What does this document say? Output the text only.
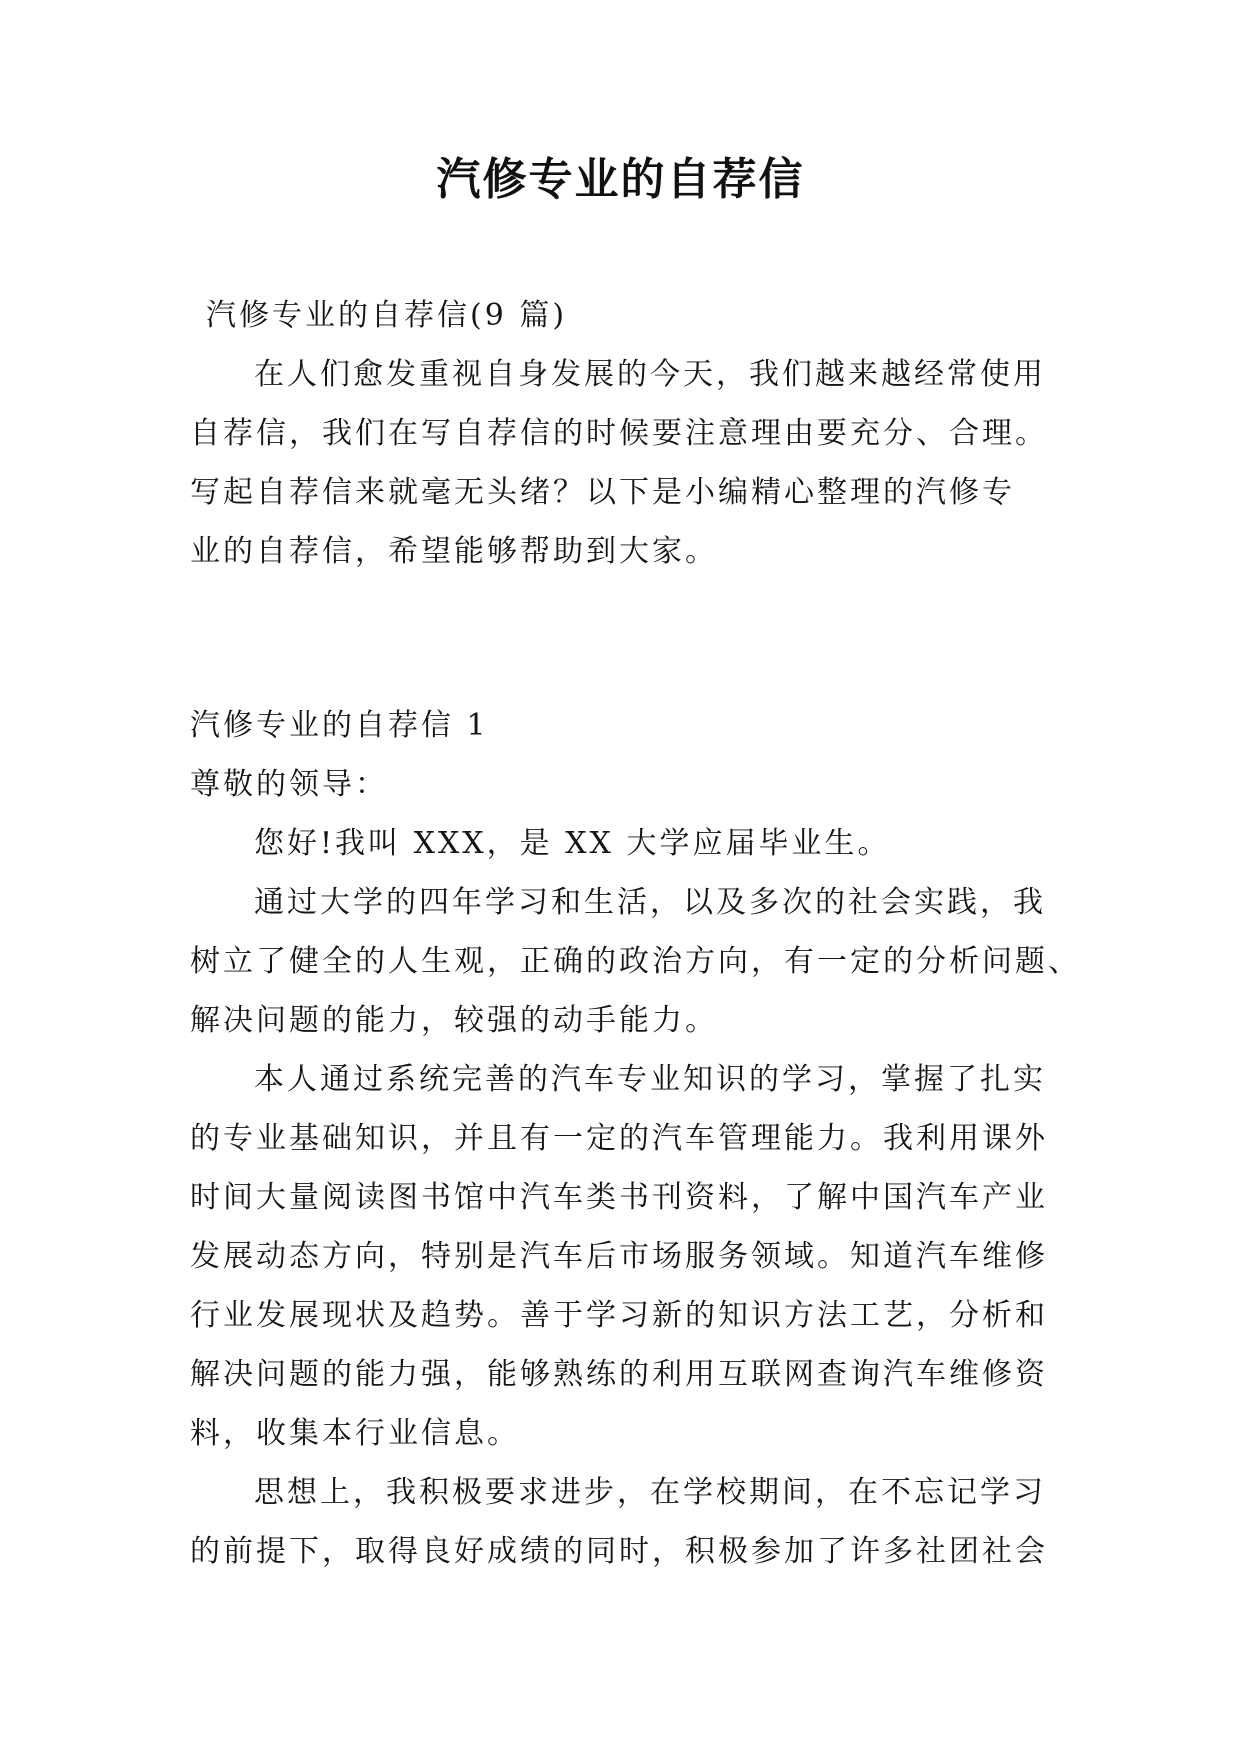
汽修专业的自荐信
汽修专业的自荐信(9 篇)
在人们愈发重视自身发展的今天，我们越来越经常使用
自荐信，我们在写自荐信的时候要注意理由要充分、合理。
写起自荐信来就毫无头绪？以下是小编精心整理的汽修专
业的自荐信，希望能够帮助到大家。
汽修专业的自荐信 1
尊敬的领导：
您好!我叫 XXX，是 XX 大学应届毕业生。
通过大学的四年学习和生活，以及多次的社会实践，我
树立了健全的人生观，正确的政治方向，有一定的分析问题、
解决问题的能力，较强的动手能力。
本人通过系统完善的汽车专业知识的学习，掌握了扎实
的专业基础知识，并且有一定的汽车管理能力。我利用课外
时间大量阅读图书馆中汽车类书刊资料，了解中国汽车产业
发展动态方向，特别是汽车后市场服务领域。知道汽车维修
行业发展现状及趋势。善于学习新的知识方法工艺，分析和
解决问题的能力强，能够熟练的利用互联网查询汽车维修资
料，收集本行业信息。
思想上，我积极要求进步，在学校期间，在不忘记学习
的前提下，取得良好成绩的同时，积极参加了许多社团社会
